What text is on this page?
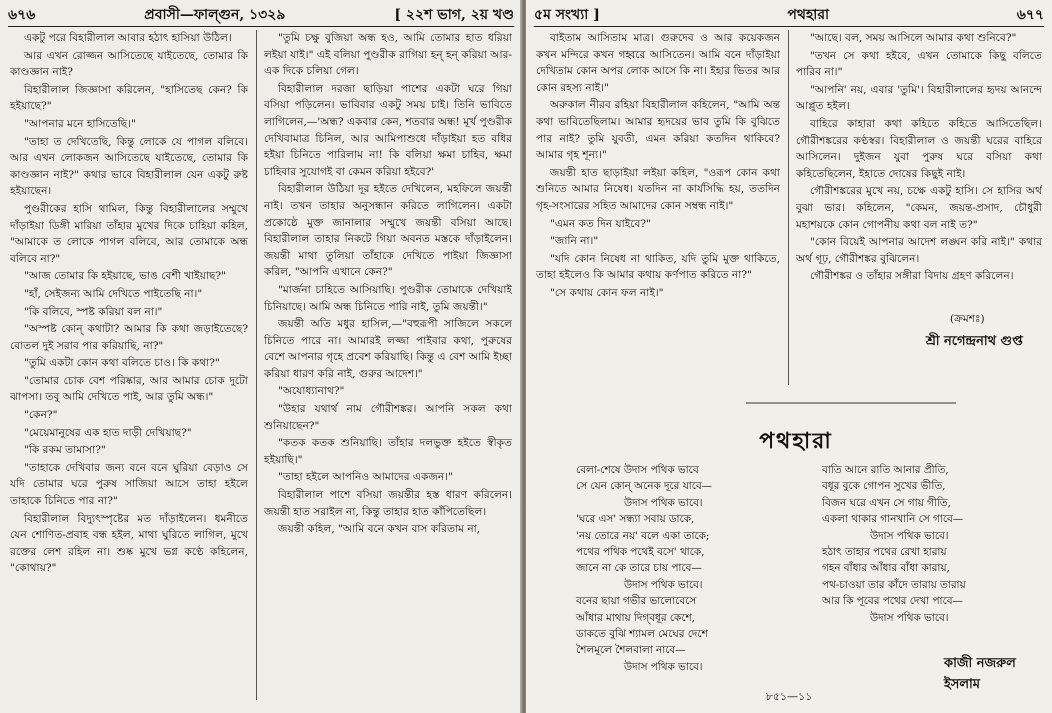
৬৭৬	প্রবাসী—ফাল্গুন, ১৩২৯	[ ২২শ ভাগ, ২য় খণ্ড

একটু পরে বিহারীলাল আবার হঠাৎ হাসিয়া উঠিল।

আর এখন রোজ্জন আসিতেছে যাইতেছে, তোমার কি কাণ্ডজ্ঞান নাই?

বিহারীলাল জিজ্ঞাসা করিলেন, "হাসিতেছ কেন? কি হইয়াছে?"

"আপনার মনে হাসিতেছি।"

"তাহা ত দেখিতেছি, কিন্তু লোকে যে পাগল বলিবে। আর এখন লোকজন আসিতেছে যাইতেছে, তোমার কি কাণ্ডজ্ঞান নাই?" কথার ভাবে বিহারীলাল যেন একটু রুষ্ট হইয়াছেন।

পুণ্ডরীকের হাসি থামিল, কিন্তু বিহারীলালের সম্মুখে দাঁড়াইয়া ডিঙ্গী মারিয়া তাঁহার মুখের দিকে চাহিয়া কহিল, "আমাকে ত লোকে পাগল বলিবে, আর তোমাকে অন্ধ বলিবে না?"

"আজ তোমার কি হইয়াছে, ভাঙ বেশী খাইয়াছ?"

"হাঁ, সেইজন্য আমি দেখিতে পাইতেছি না।"

"কি বলিবে, স্পষ্ট করিয়া বল না।"

"অস্পষ্ট কোন্ কথাটা? আমার কি কথা জড়াইতেছে? বোতল দুই সরাব পার করিয়াছি, না?"

"তুমি একটা কোন কথা বলিতে চাও। কি কথা?"

"তোমার চোক বেশ পরিষ্কার, আর আমার চোক দুটো ঝাপসা। তবু আমি দেখিতে পাই, আর তুমি অন্ধ।"

"কেন?"

"মেয়েমানুষের এক হাত দাড়ী দেখিয়াছ?"

"কি রকম তামাসা?"

"তাহাকে দেখিবার জন্য বনে বনে ঘুরিয়া বেড়াও সে যদি তোমার ঘরে পুরুষ সাজিয়া আসে তাহা হইলে তাহাকে চিনিতে পার না?"

বিহারীলাল বিদ্যুৎস্পৃষ্টের মত দাঁড়াইলেন। ধমনীতে যেন শোণিত-প্রবাহ বন্ধ হইল, মাথা ঘুরিতে লাগিল, মুখে রক্তের লেশ রহিল না। শুষ্ক মুখে ভগ্ন কণ্ঠে কহিলেন, "কোথায়?"

"তুমি চক্ষু বুজিয়া অন্ধ হও, আমি তোমার হাত ধরিয়া লইয়া যাই।" এই বলিয়া পুণ্ডরীক রাগিয়া হন্ হন্ করিয়া আর-এক দিকে চলিয়া গেল।

বিহারীলাল দরজা ছাড়িয়া পাশের একটা ঘরে গিয়া বসিয়া পড়িলেন। ভাবিবার একটু সময় চাই। তিনি ভাবিতে লাগিলেন,—'অন্ধ? একবার কেন, শতবার অন্ধ! মূর্খ পুণ্ডরীক দেখিবামাত্র চিনিল, আর আমিপাশুধে দাঁড়াইয়া হত বধির হইয়া চিনিতে পারিলাম না! কি বলিয়া ক্ষমা চাহিব, ক্ষমা চাহিবার সুযোগই বা কেমন করিয়া হইবে?'

বিহারীলাল উঠিয়া দূর হইতে দেখিলেন, মহফিলে জয়ন্তী নাই। তখন তাহার অনুসন্ধান করিতে লাগিলেন। একটা প্রকোষ্ঠে মুক্ত জানালার সম্মুখে জয়ন্তী বসিয়া আছে। বিহারীলাল তাহার নিকটে গিয়া অবনত মস্তকে দাঁড়াইলেন। জয়ন্তী মাথা তুলিয়া তাঁহাকে দেখিতে পাইয়া জিজ্ঞাসা করিল, "আপনি এখানে কেন?"

"মার্জনা চাহিতে আসিয়াছি। পুণ্ডরীক তোমাকে দেখিয়াই চিনিয়াছে। আমি অন্ধ চিনিতে পারি নাই, তুমি জয়ন্তী।"

জয়ন্তী অতি মধুর হাসিল,—"বহুরূপী সাজিলে সকলে চিনিতে পারে না। আমারই লজ্জা পাইবার কথা, পুরুষের বেশে আপনার গৃহে প্রবেশ করিয়াছি। কিন্তু এ বেশ আমি ইচ্ছা করিয়া ধারণ করি নাই, গুরুর আদেশ।"

"অযোধ্যানাথ?"

"উহার যথার্থ নাম গৌরীশঙ্কর। আপনি সকল কথা শুনিয়াছেন?"

"কতক কতক শুনিয়াছি। তাঁহার দলভুক্ত হইতে স্বীকৃত হইয়াছি।"

"তাহা হইলে আপনিও আমাদের একজন।"

বিহারীলাল পাশে বসিয়া জয়ন্তীর হস্ত ধারণ করিলেন। জয়ন্তী হাত সরাইল না, কিন্তু তাহার হাত কাঁপিতেছিল।

জয়ন্তী কহিল, "আমি বনে কখন বাস করিতাম না,

৫ম সংখ্যা ]	পথহারা	৬৭৭

বাইতাম আসিতাম মাত্র। গুরুদেব ও আর কয়েকজন কখন মন্দিরে কখন গহ্বরে আসিতেন। আমি বনে দাঁড়াইয়া দেখিতাম কোন অপর লোক আসে কি না। ইহার ভিতর আর কোন রহস্য নাই।"

অরুকাল নীরব রহিয়া বিহারীলাল কহিলেন, "আমি অন্ত কথা ভাবিতেছিলাম। আমার হৃদয়ের ভাব তুমি কি বুঝিতে পার নাই? তুমি যুবতী, এমন করিয়া কতদিন থাকিবে? আমার গৃহ শূন্য।"

জয়ন্তী হাত ছাড়াইয়া লইয়া কহিল, "ওরূপ কোন কথা শুনিতে আমার নিষেধ। যতদিন না কার্যসিদ্ধি হয়, ততদিন গৃহ-সংসারের সহিত আমাদের কোন সম্বন্ধ নাই।"

"এমন কত দিন যাইবে?"

"জানি না।"

"যদি কোন নিষেধ না থাকিত, যদি তুমি মুক্ত থাকিতে, তাহা হইলেও কি আমার কথায় কর্ণপাত করিতে না?"

"সে কথায় কোন ফল নাই।"

"আছে। বল, সময় আসিলে আমার কথা শুনিবে?"

"তখন সে কথা হইবে, এখন তোমাকে কিছু বলিতে পারিব না।"

"আপনি' নয়, এবার 'তুমি'। বিহারীলালের হৃদয় আনন্দে আপ্লুত হইল।

বাহিরে কাহারা কথা কহিতে কহিতে আসিতেছিল। গৌরীশঙ্করের কণ্ঠস্বর। বিহারীলাল ও জয়ন্তী ঘরের বাহিরে আসিলেন। দুইজন যুবা পুরুষ ঘরে বসিয়া কথা কহিতেছিলেন, ইহাতে দোষের কিছুই নাই।

গৌরীশঙ্করের মুখে নয়, চক্ষে একটু হাসি। সে হাসির অর্থ বুঝা ভার। কহিলেন, "কেমন, জয়ন্ত-প্রসাদ, চৌধুরী মহাশয়কে কোন গোপনীয় কথা বল নাই ত?"

"কোন বিয়েই আপনার আদেশ লঙ্ঘন করি নাই।" কথার অর্থ গূঢ়, গৌরীশঙ্কর বুঝিলেন।

গৌরীশঙ্কর ও তাঁহার সঙ্গীরা বিদায় গ্রহণ করিলেন।

(ক্রমশঃ)
শ্রী নগেন্দ্রনাথ গুপ্ত
পথহারা
বেলা-শেষে উদাস পথিক ভাবে
সে যেন কোন্ অনেক দূরে যাবে—
উদাস পথিক ভাবে।
'ঘরে এস' সন্ধ্যা সবায় ডাকে,
'নয় তোরে নয়' বলে একা তাকে;
পথের পথিক পথেই বসে' থাকে,
জানে না কে তারে চায় পাবে—
উদাস পথিক ভাবে।
বনের ছায়া গভীর ভালোবেসে
আঁধার মাথায় দিগ্‌বধূর কেশে,
ডাকতে বুঝি শ্যামল মেঘের দেশে
শৈলমূলে শৈলবালা নাবে—
উদাস পথিক ভাবে।
বাতি আনে রাতি আনার প্রীতি,
বধূর বুকে গোপন সুখের ভীতি,
বিজন ঘরে এখন সে গায় গীতি,
একলা থাকার গানখানি সে গাবে—
উদাস পথিক ভাবে।
হঠাৎ তাহার পথের রেখা হারায়
গহন বাঁধার আঁধার বাঁধা কারায়,
পথ-চাওয়া তার কাঁদে তারায় তারায়
আর কি পূবের পথের দেখা পাবে—
উদাস পথিক ভাবে।
কাজী নজরুল ইসলাম
৮৫১—১১
